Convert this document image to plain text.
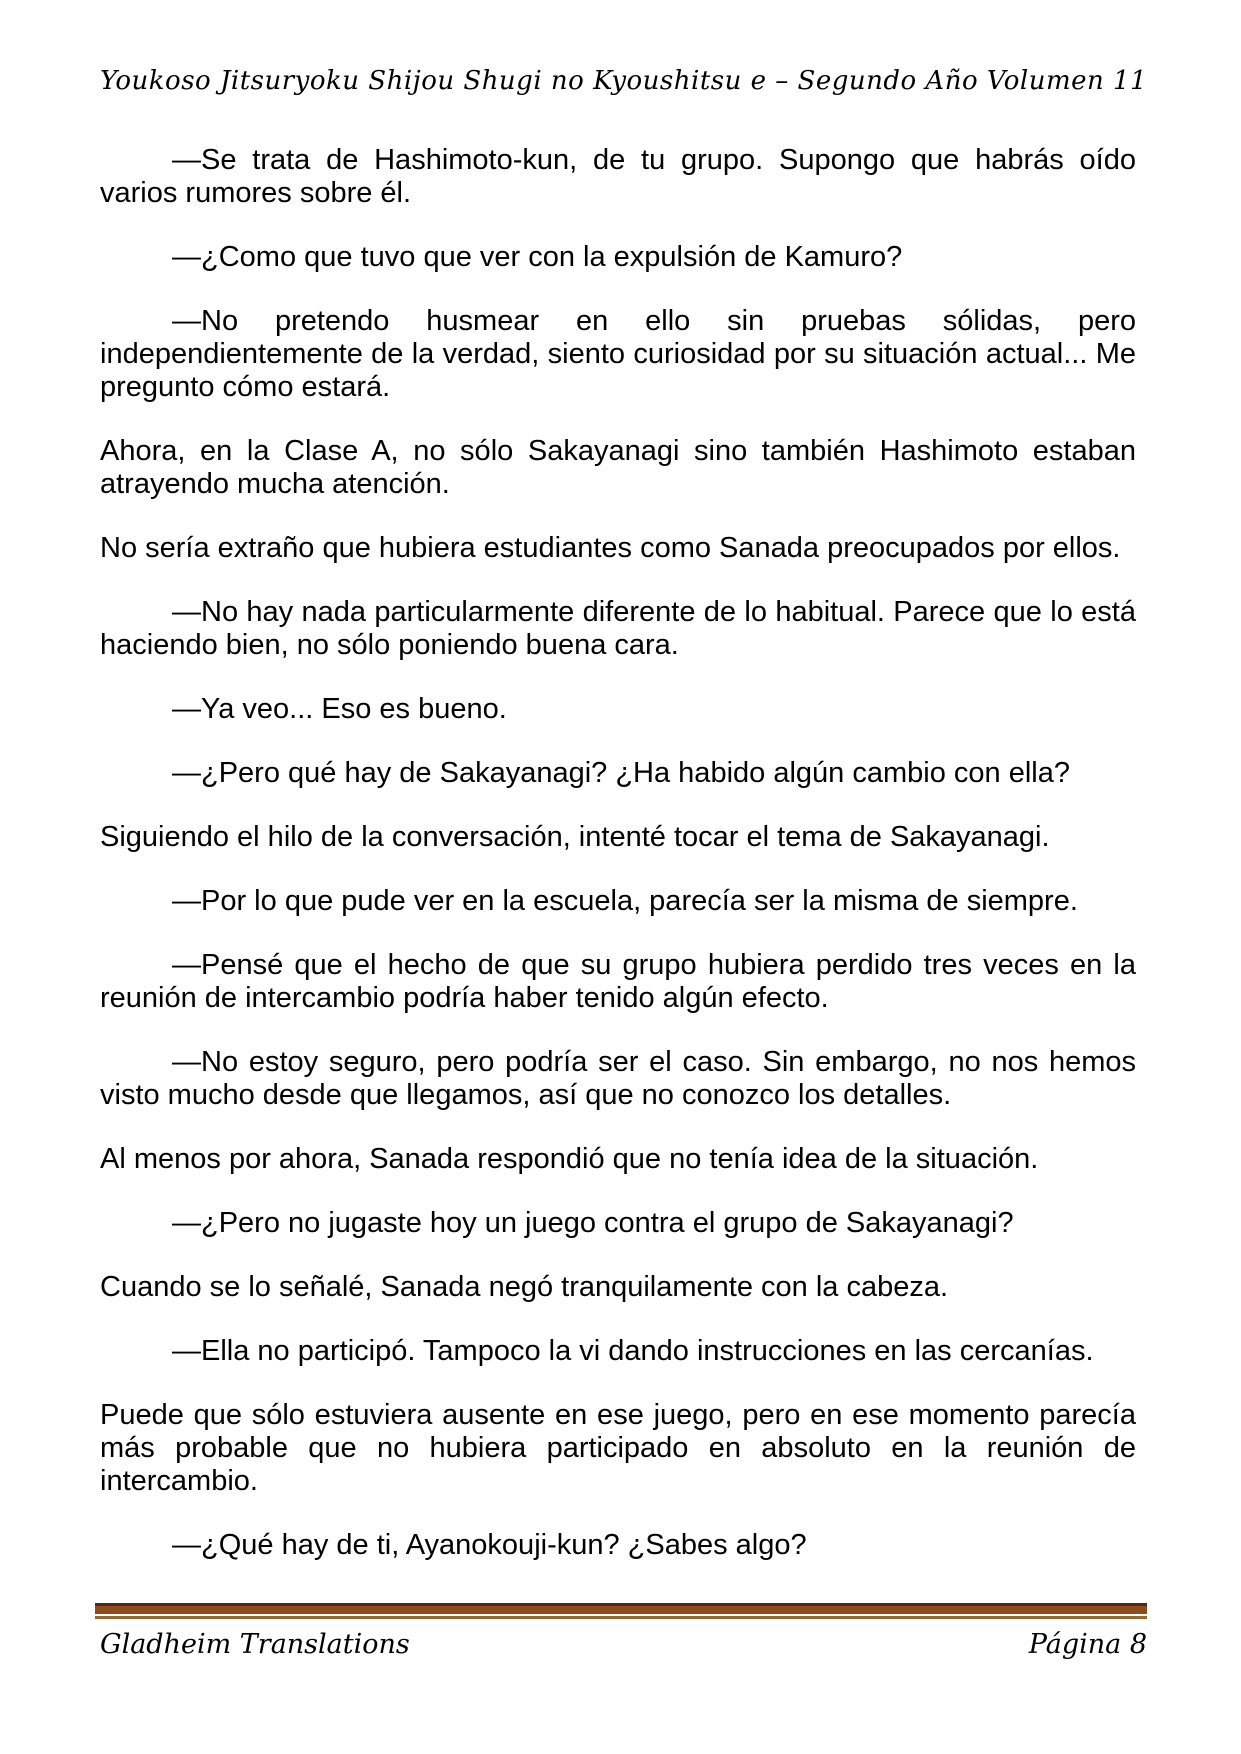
Youkoso Jitsuryoku Shijou Shugi no Kyoushitsu e – Segundo Año Volumen 11

—Se trata de Hashimoto-kun, de tu grupo. Supongo que habrás oído varios rumores sobre él.

—¿Como que tuvo que ver con la expulsión de Kamuro?

—No pretendo husmear en ello sin pruebas sólidas, pero independientemente de la verdad, siento curiosidad por su situación actual... Me pregunto cómo estará.

Ahora, en la Clase A, no sólo Sakayanagi sino también Hashimoto estaban atrayendo mucha atención.

No sería extraño que hubiera estudiantes como Sanada preocupados por ellos.

—No hay nada particularmente diferente de lo habitual. Parece que lo está haciendo bien, no sólo poniendo buena cara.

—Ya veo... Eso es bueno.

—¿Pero qué hay de Sakayanagi? ¿Ha habido algún cambio con ella?

Siguiendo el hilo de la conversación, intenté tocar el tema de Sakayanagi.

—Por lo que pude ver en la escuela, parecía ser la misma de siempre.

—Pensé que el hecho de que su grupo hubiera perdido tres veces en la reunión de intercambio podría haber tenido algún efecto.

—No estoy seguro, pero podría ser el caso. Sin embargo, no nos hemos visto mucho desde que llegamos, así que no conozco los detalles.

Al menos por ahora, Sanada respondió que no tenía idea de la situación.

—¿Pero no jugaste hoy un juego contra el grupo de Sakayanagi?

Cuando se lo señalé, Sanada negó tranquilamente con la cabeza.

—Ella no participó. Tampoco la vi dando instrucciones en las cercanías.

Puede que sólo estuviera ausente en ese juego, pero en ese momento parecía más probable que no hubiera participado en absoluto en la reunión de intercambio.

—¿Qué hay de ti, Ayanokouji-kun? ¿Sabes algo?

Gladheim Translations	Página 8
